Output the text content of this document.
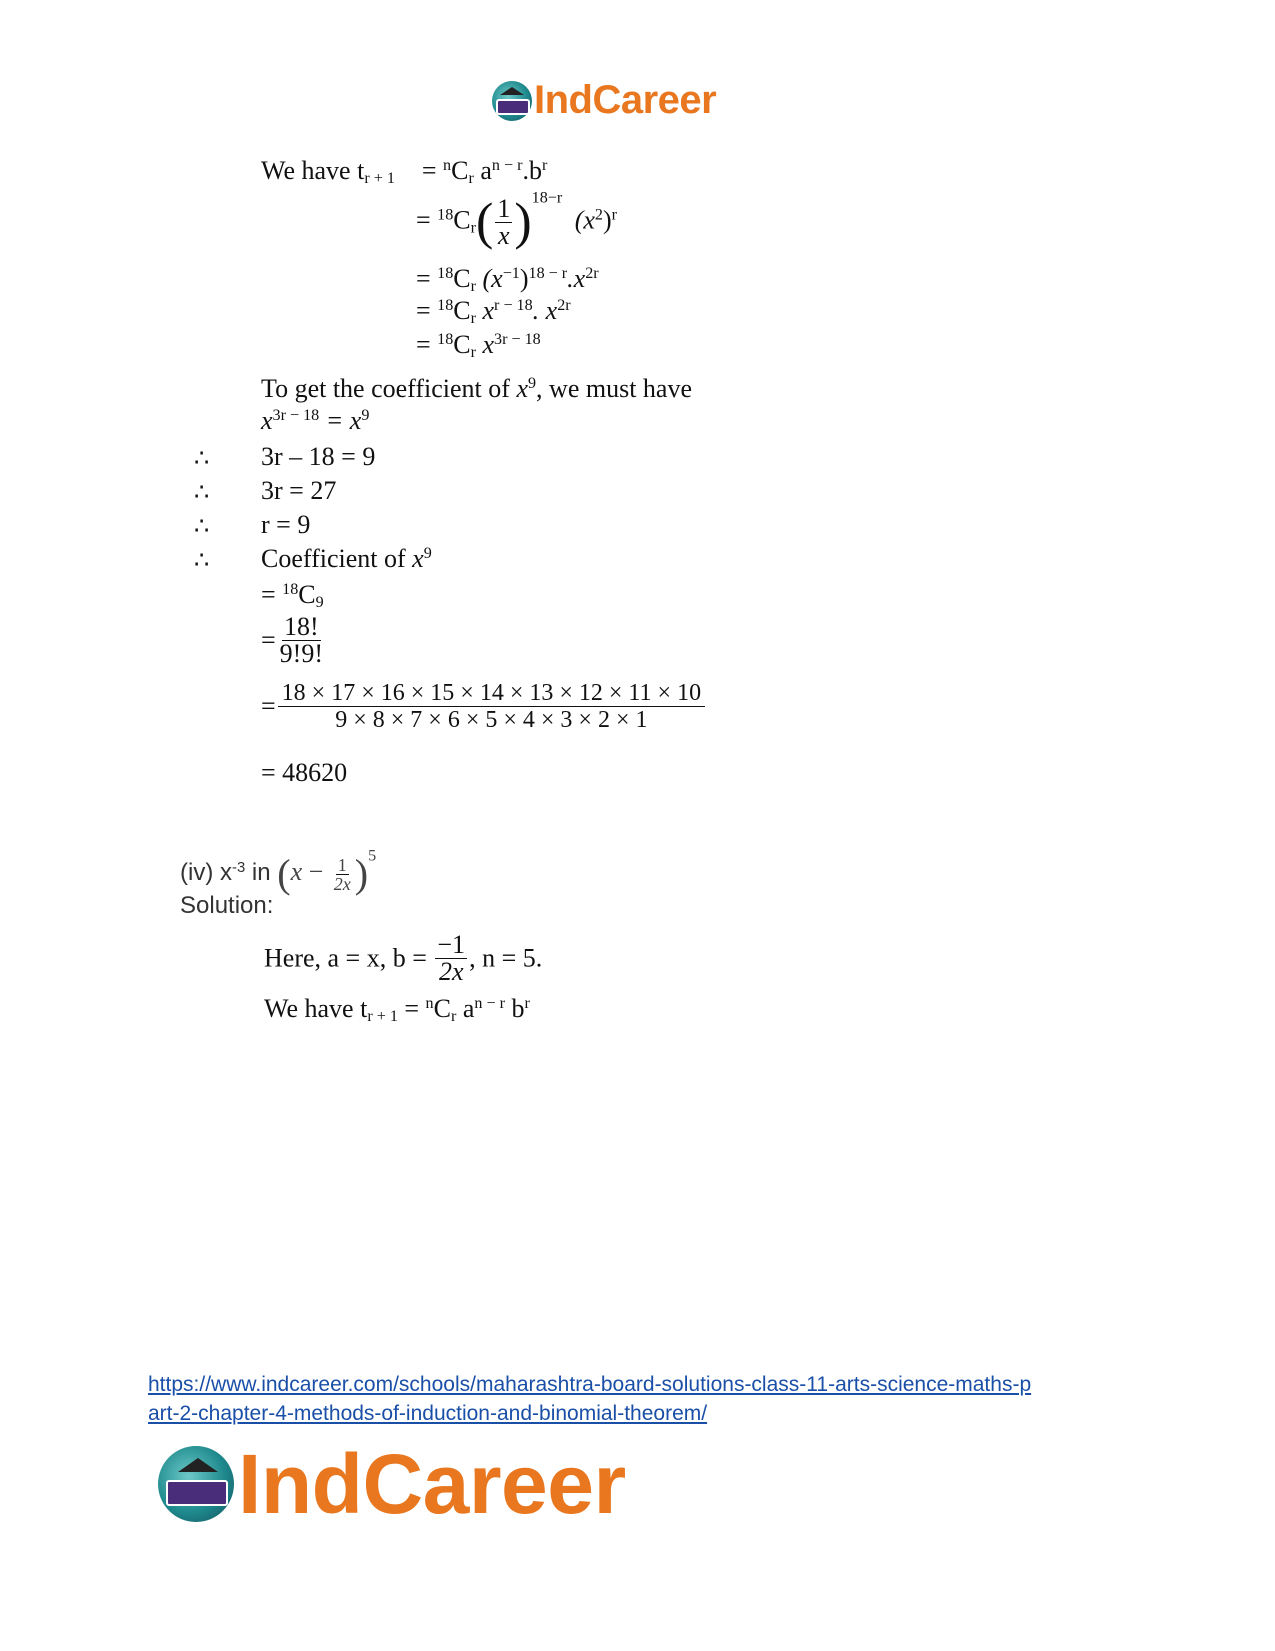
IndCareer
We have $t_{r + 1} = ^nC_r$ $a^{n - r}.b^r$
= $^{18}C_r( \frac{1}{x} )^{18-r}$ $(x^2)^r$
= $^{18}C_r$ $(x^{-1})^{18 - r}.x^{2r}$
= $^{18}C_r$ $x^{r - 18}$. $x^{2r}$
= $^{18}C_r$ $x^{3r - 18}$
To get the coefficient of $x^9$, we must have
$x^{3r - 18} = x^9$
∴ 3r – 18 = 9
∴ 3r = 27
∴ r = 9
∴ Coefficient of $x^9$
= $^{18}C_9$
= $\frac{18!}{9!9!}$
= $\frac{18 \times 17 \times 16 \times 15 \times 14 \times 13 \times 12 \times 11 \times 10}{9 \times 8 \times 7 \times 6 \times 5 \times 4 \times 3 \times 2 \times 1}$
= 48620
(iv) $x^{-3}$ in $(x - \frac{1}{2x} )^5$
Solution:
Here, a = x, $b = \frac{-1}{2x}$ , n = 5.
We have $t_{r + 1} = ^nC_r$ $a^{n - r}$ $b^r$
https://www.indcareer.com/schools/maharashtra-board-solutions-class-11-arts-science-maths-p
art-2-chapter-4-methods-of-induction-and-binomial-theorem/
IndCareer
